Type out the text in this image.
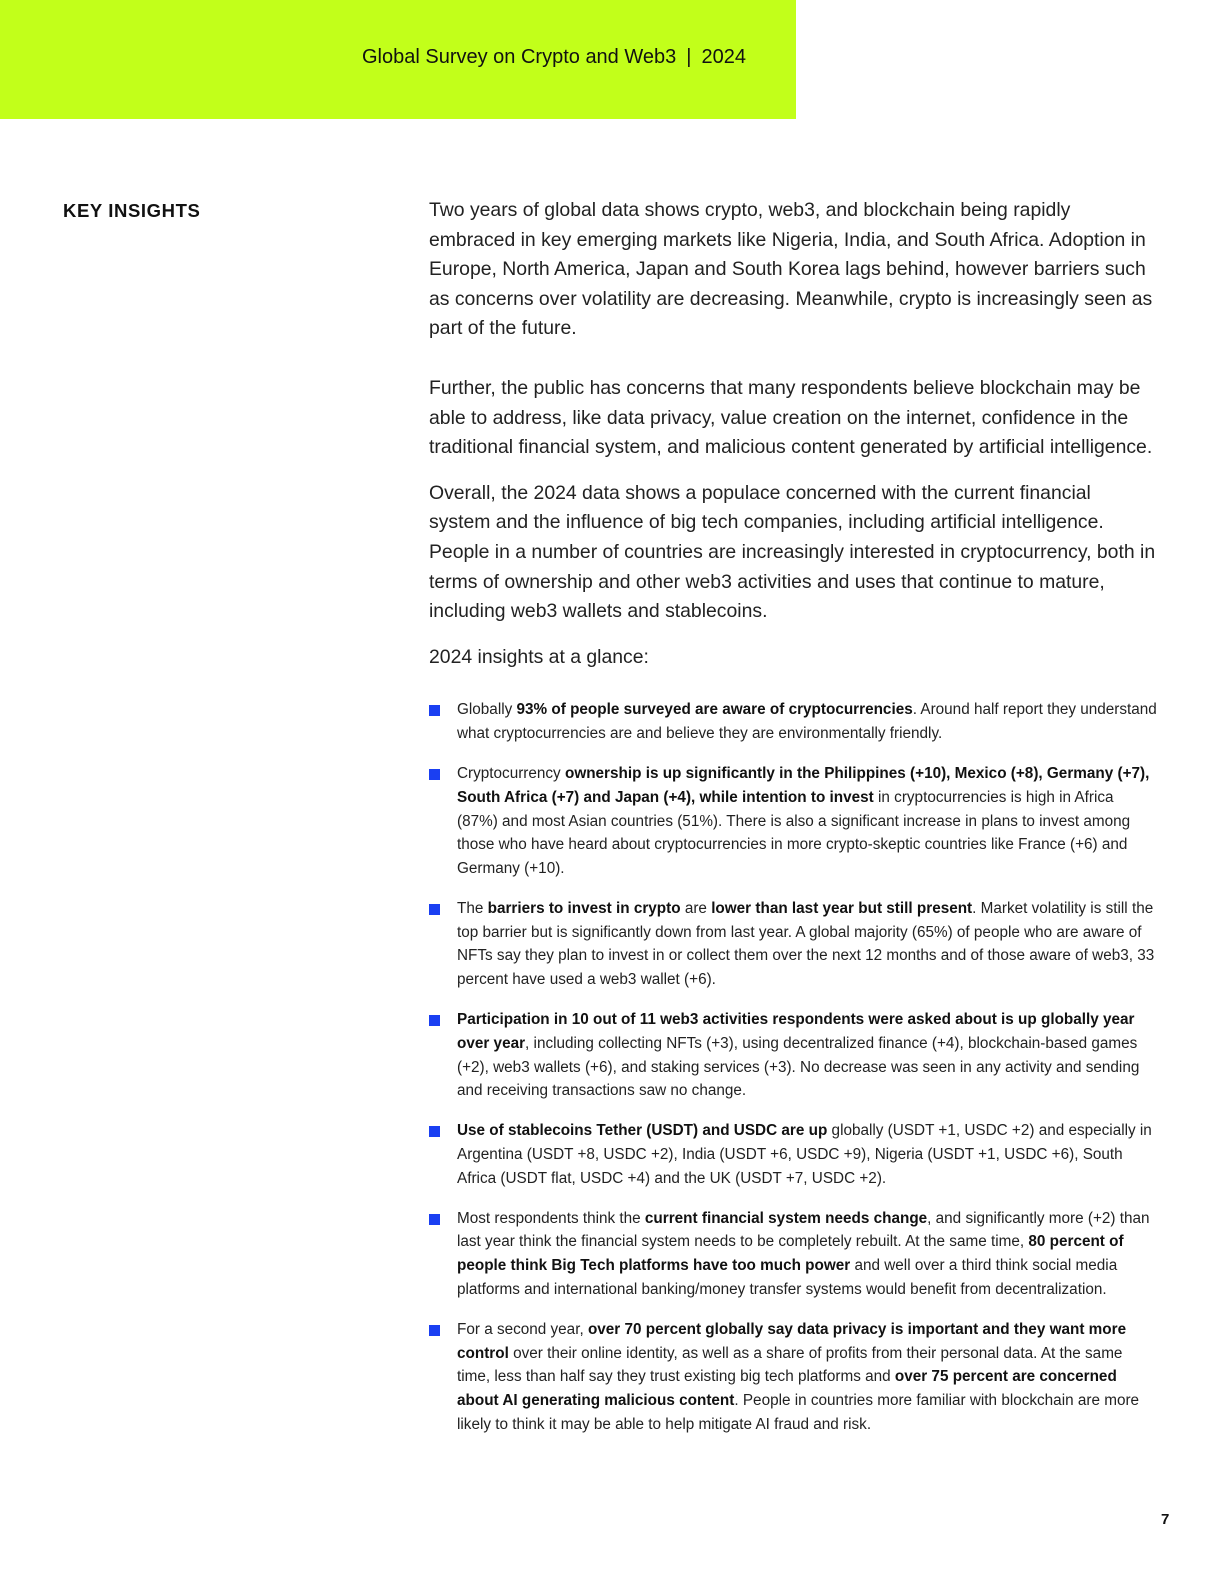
Global Survey on Crypto and Web3 | 2024
KEY INSIGHTS	Two years of global data shows crypto, web3, and blockchain being rapidly embraced in key emerging markets like Nigeria, India, and South Africa. Adoption in Europe, North America, Japan and South Korea lags behind, however barriers such as concerns over volatility are decreasing. Meanwhile, crypto is increasingly seen as part of the future.

Further, the public has concerns that many respondents believe blockchain may be able to address, like data privacy, value creation on the internet, confidence in the traditional financial system, and malicious content generated by artificial intelligence.

Overall, the 2024 data shows a populace concerned with the current financial system and the influence of big tech companies, including artificial intelligence. People in a number of countries are increasingly interested in cryptocurrency, both in terms of ownership and other web3 activities and uses that continue to mature, including web3 wallets and stablecoins.

2024 insights at a glance:

Globally 93% of people surveyed are aware of cryptocurrencies. Around half report they understand what cryptocurrencies are and believe they are environmentally friendly.
Cryptocurrency ownership is up significantly in the Philippines (+10), Mexico (+8), Germany (+7), South Africa (+7) and Japan (+4), while intention to invest in cryptocurrencies is high in Africa (87%) and most Asian countries (51%). There is also a significant increase in plans to invest among those who have heard about cryptocurrencies in more crypto-skeptic countries like France (+6) and Germany (+10).
The barriers to invest in crypto are lower than last year but still present. Market volatility is still the top barrier but is significantly down from last year. A global majority (65%) of people who are aware of NFTs say they plan to invest in or collect them over the next 12 months and of those aware of web3, 33 percent have used a web3 wallet (+6).
Participation in 10 out of 11 web3 activities respondents were asked about is up globally year over year, including collecting NFTs (+3), using decentralized finance (+4), blockchain-based games (+2), web3 wallets (+6), and staking services (+3). No decrease was seen in any activity and sending and receiving transactions saw no change.
Use of stablecoins Tether (USDT) and USDC are up globally (USDT +1, USDC +2) and especially in Argentina (USDT +8, USDC +2), India (USDT +6, USDC +9), Nigeria (USDT +1, USDC +6), South Africa (USDT flat, USDC +4) and the UK (USDT +7, USDC +2).
Most respondents think the current financial system needs change, and significantly more (+2) than last year think the financial system needs to be completely rebuilt. At the same time, 80 percent of people think Big Tech platforms have too much power and well over a third think social media platforms and international banking/money transfer systems would benefit from decentralization.
For a second year, over 70 percent globally say data privacy is important and they want more control over their online identity, as well as a share of profits from their personal data. At the same time, less than half say they trust existing big tech platforms and over 75 percent are concerned about AI generating malicious content. People in countries more familiar with blockchain are more likely to think it may be able to help mitigate AI fraud and risk.
7
